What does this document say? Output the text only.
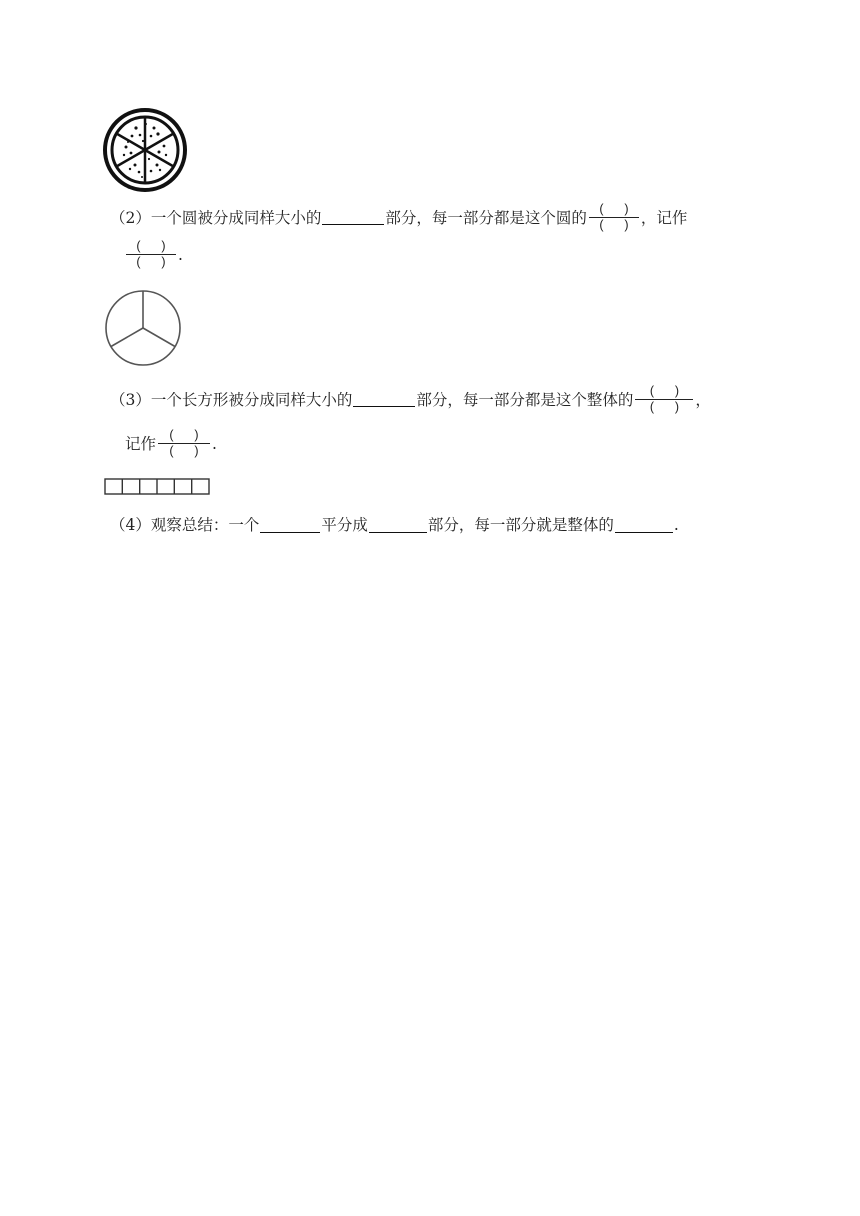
（2） 一个圆被分成同样大小的	部分，每一部分都是这个圆的 $\frac{( )}{( )}$ ，记作
$\frac{( )}{( )}$ .
（3） 一个长方形被分成同样大小的	部分，每一部分都是这个整体的 $\frac{( )}{( )}$ ，
记作 $\frac{( )}{( )}$ .
（4） 观察总结：一个	平分成	部分，每一部分就是整体的	.
